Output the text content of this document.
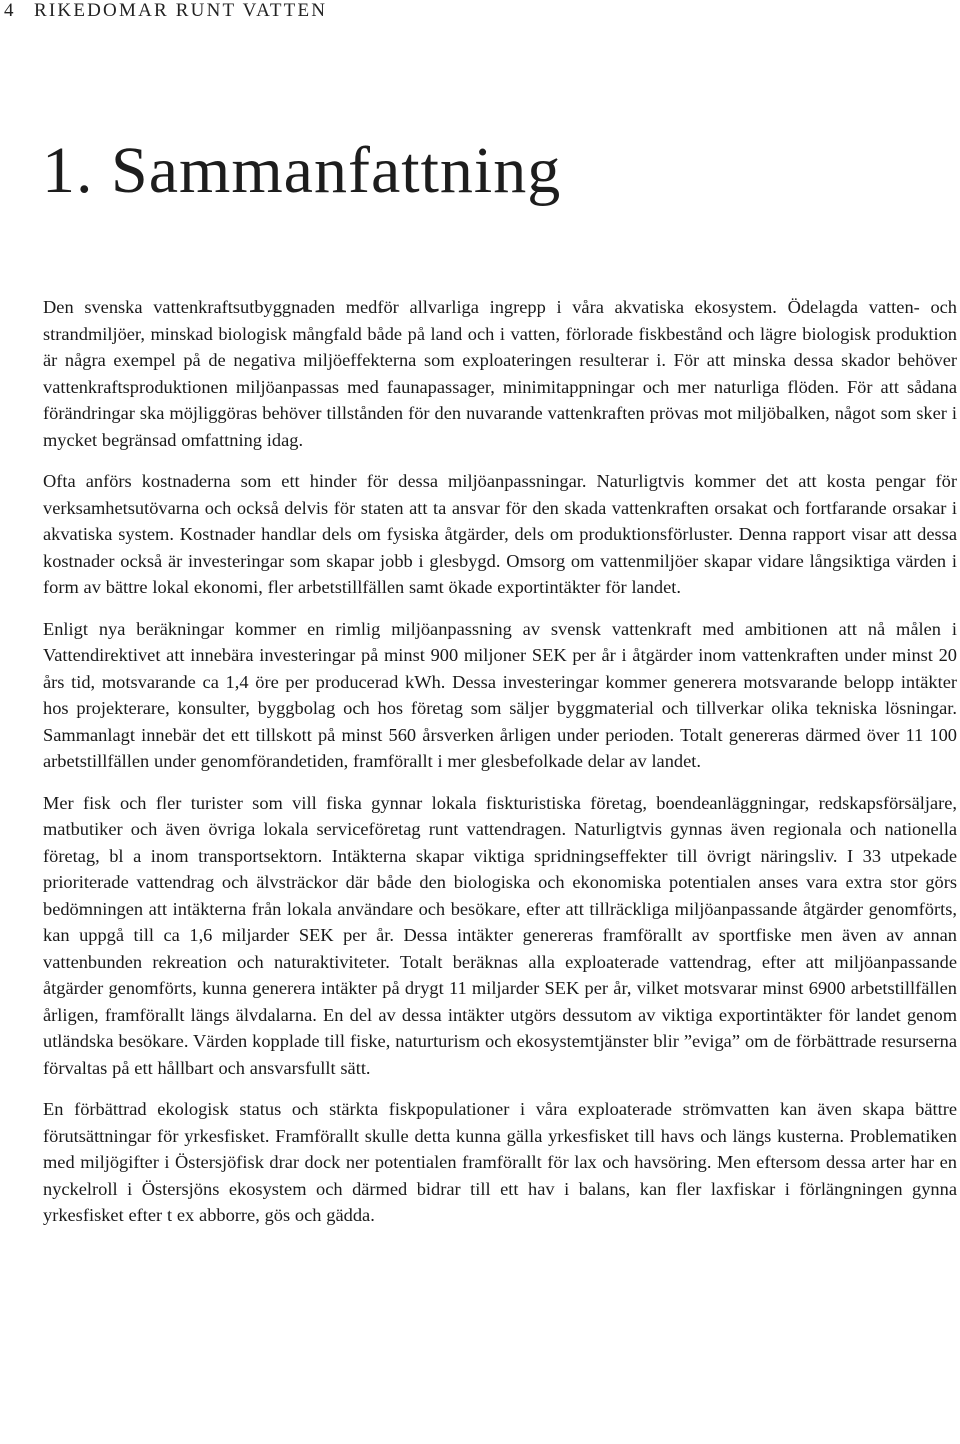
4 RIKEDOMAR RUNT VATTEN
1. Sammanfattning

Den svenska vattenkraftsutbyggnaden medför allvarliga ingrepp i våra akvatiska ekosystem. Ödelagda vatten- och strandmiljöer, minskad biologisk mångfald både på land och i vatten, förlorade fiskbestånd och lägre biologisk produktion är några exempel på de negativa miljöeffekterna som exploateringen resulterar i. För att minska dessa skador behöver vattenkraftsproduktionen miljöanpassas med faunapassager, minimitappningar och mer naturliga flöden. För att sådana förändringar ska möjliggöras behöver tillstånden för den nuvarande vattenkraften prövas mot miljöbalken, något som sker i mycket begränsad omfattning idag.

Ofta anförs kostnaderna som ett hinder för dessa miljöanpassningar. Naturligtvis kommer det att kosta pengar för verksamhetsutövarna och också delvis för staten att ta ansvar för den skada vattenkraften orsakat och fortfarande orsakar i akvatiska system. Kostnader handlar dels om fysiska åtgärder, dels om produktionsförluster. Denna rapport visar att dessa kostnader också är investeringar som skapar jobb i glesbygd. Omsorg om vattenmiljöer skapar vidare långsiktiga värden i form av bättre lokal ekonomi, fler arbetstillfällen samt ökade exportintäkter för landet.

Enligt nya beräkningar kommer en rimlig miljöanpassning av svensk vattenkraft med ambitionen att nå målen i Vattendirektivet att innebära investeringar på minst 900 miljoner SEK per år i åtgärder inom vattenkraften under minst 20 års tid, motsvarande ca 1,4 öre per producerad kWh. Dessa investeringar kommer generera motsvarande belopp intäkter hos projekterare, konsulter, byggbolag och hos företag som säljer byggmaterial och tillverkar olika tekniska lösningar. Sammanlagt innebär det ett tillskott på minst 560 årsverken årligen under perioden. Totalt genereras därmed över 11 100 arbetstillfällen under genomförandetiden, framförallt i mer glesbefolkade delar av landet.

Mer fisk och fler turister som vill fiska gynnar lokala fiskturistiska företag, boendeanläggningar, redskapsförsäljare, matbutiker och även övriga lokala serviceföretag runt vattendragen. Naturligtvis gynnas även regionala och nationella företag, bl a inom transportsektorn. Intäkterna skapar viktiga spridningseffekter till övrigt näringsliv. I 33 utpekade prioriterade vattendrag och älvsträckor där både den biologiska och ekonomiska potentialen anses vara extra stor görs bedömningen att intäkterna från lokala användare och besökare, efter att tillräckliga miljöanpassande åtgärder genomförts, kan uppgå till ca 1,6 miljarder SEK per år. Dessa intäkter genereras framförallt av sportfiske men även av annan vattenbunden rekreation och naturaktiviteter. Totalt beräknas alla exploaterade vattendrag, efter att miljöanpassande åtgärder genomförts, kunna generera intäkter på drygt 11 miljarder SEK per år, vilket motsvarar minst 6900 arbetstillfällen årligen, framförallt längs älvdalarna. En del av dessa intäkter utgörs dessutom av viktiga exportintäkter för landet genom utländska besökare. Värden kopplade till fiske, naturturism och ekosystemtjänster blir ”eviga” om de förbättrade resurserna förvaltas på ett hållbart och ansvarsfullt sätt.

En förbättrad ekologisk status och stärkta fiskpopulationer i våra exploaterade strömvatten kan även skapa bättre förutsättningar för yrkesfisket. Framförallt skulle detta kunna gälla yrkesfisket till havs och längs kusterna. Problematiken med miljögifter i Östersjöfisk drar dock ner potentialen framförallt för lax och havsöring. Men eftersom dessa arter har en nyckelroll i Östersjöns ekosystem och därmed bidrar till ett hav i balans, kan fler laxfiskar i förlängningen gynna yrkesfisket efter t ex abborre, gös och gädda.
